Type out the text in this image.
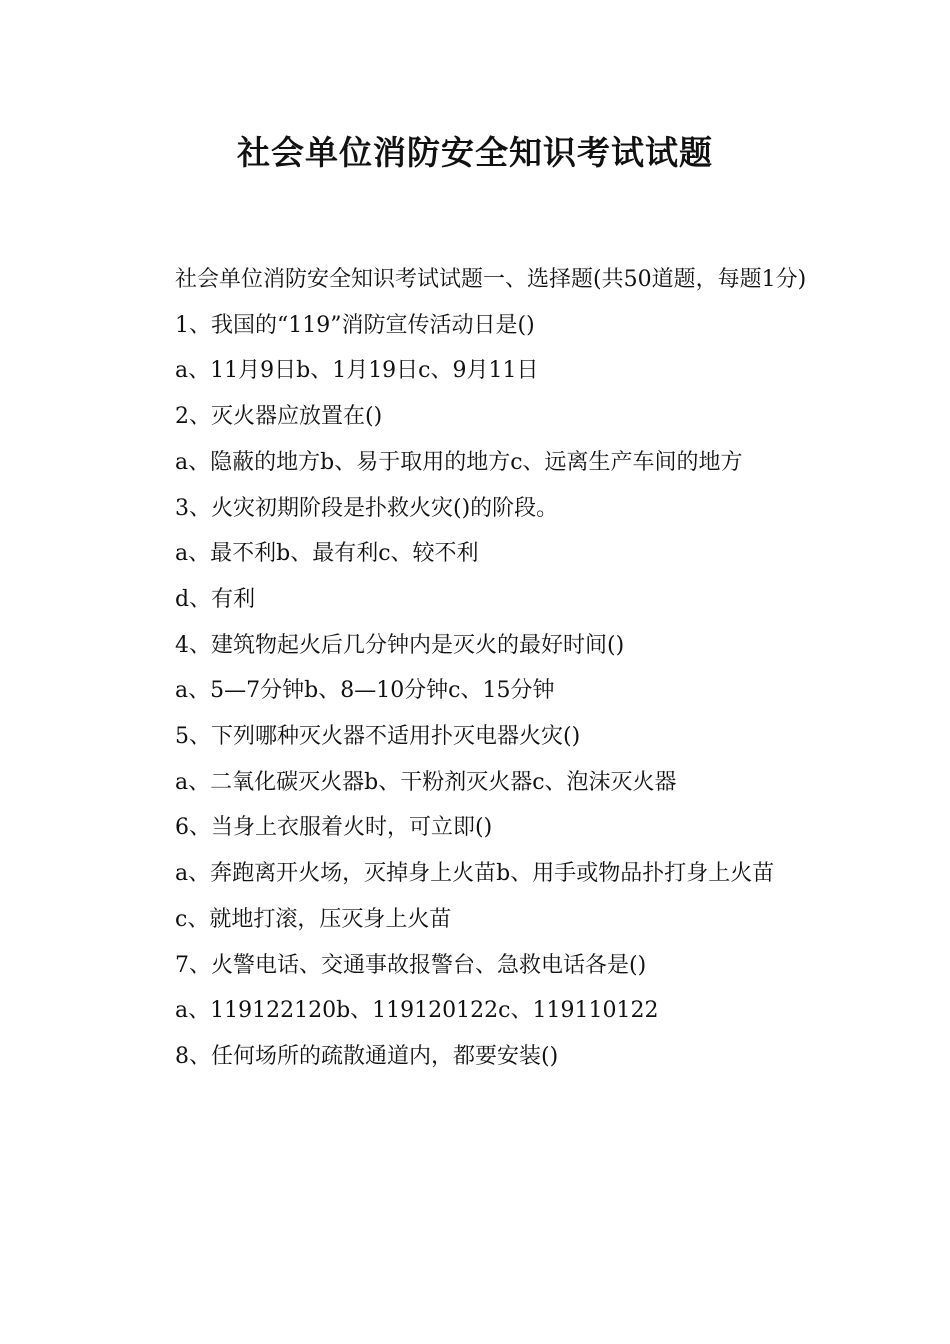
社会单位消防安全知识考试试题

社会单位消防安全知识考试试题一、选择题(共50道题，每题1分)

1、我国的“119”消防宣传活动日是()

a、11月9日b、1月19日c、9月11日

2、灭火器应放置在()

a、隐蔽的地方b、易于取用的地方c、远离生产车间的地方

3、火灾初期阶段是扑救火灾()的阶段。

a、最不利b、最有利c、较不利

d、有利

4、建筑物起火后几分钟内是灭火的最好时间()

a、5—7分钟b、8—10分钟c、15分钟

5、下列哪种灭火器不适用扑灭电器火灾()

a、二氧化碳灭火器b、干粉剂灭火器c、泡沫灭火器

6、当身上衣服着火时，可立即()

a、奔跑离开火场，灭掉身上火苗b、用手或物品扑打身上火苗

c、就地打滚，压灭身上火苗

7、火警电话、交通事故报警台、急救电话各是()

a、119122120b、119120122c、119110122

8、任何场所的疏散通道内，都要安装()
